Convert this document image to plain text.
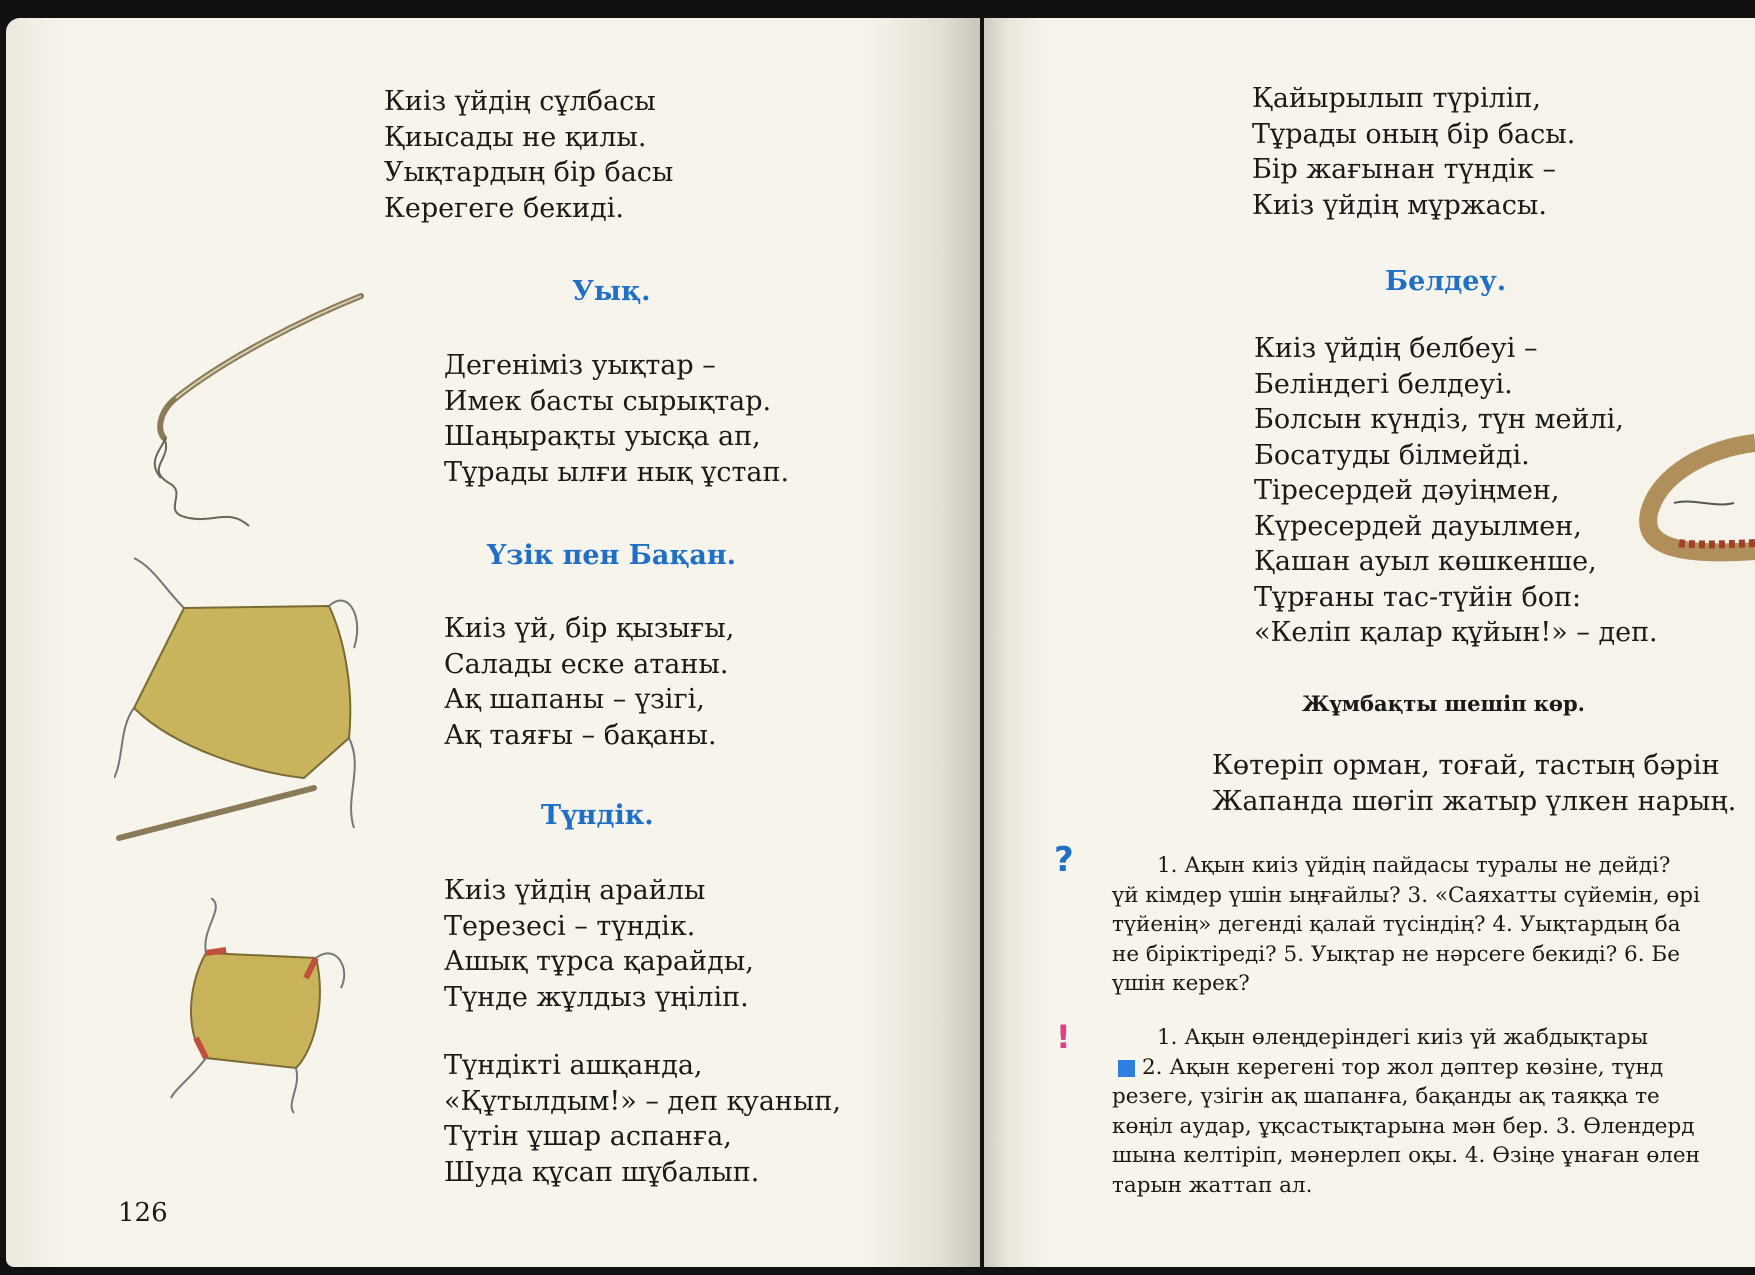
Киіз үйдің сұлбасы
Қиысады не қилы.
Уықтардың бір басы
Керегеге бекиді.
Уық.
Дегеніміз уықтар –
Имек басты сырықтар.
Шаңырақты уысқа ап,
Тұрады ылғи нық ұстап.
Үзік пен Бақан.
Киіз үй, бір қызығы,
Салады еске атаны.
Ақ шапаны – үзігі,
Ақ таяғы – бақаны.
Түндік.
Киіз үйдің арайлы
Терезесі – түндік.
Ашық тұрса қарайды,
Түнде жұлдыз үңіліп.
Түндікті ашқанда,
«Құтылдым!» – деп қуанып,
Түтін ұшар аспанға,
Шуда құсап шұбалып.
126
Қайырылып түріліп,
Тұрады оның бір басы.
Бір жағынан түндік –
Киіз үйдің мұржасы.
Белдеу.
Киіз үйдің белбеуі –
Беліндегі белдеуі.
Болсын күндіз, түн мейлі,
Босатуды білмейді.
Тіресердей дәуіңмен,
Күресердей дауылмен,
Қашан ауыл көшкенше,
Тұрғаны тас-түйін боп:
«Келіп қалар құйын!» – деп.
Жұмбақты шешіп көр.
Көтеріп орман, тоғай, тастың бәрін
Жапанда шөгіп жатыр үлкен нарың.
?	1. Ақын киіз үйдің пайдасы туралы не дейді?
үй кімдер үшін ыңғайлы? 3. «Саяхатты сүйемін, өрі
түйенің» дегенді қалай түсіндің? 4. Уықтардың ба
не біріктіреді? 5. Уықтар не нәрсеге бекиді? 6. Бе
үшін керек?
!	1. Ақын өлеңдеріндегі киіз үй жабдықтары
2. Ақын керегені тор жол дәптер көзіне, түнд
резеге, үзігін ақ шапанға, бақанды ақ таяққа те
көңіл аудар, ұқсастықтарына мән бер. 3. Өлендерд
шына келтіріп, мәнерлеп оқы. 4. Өзіңе ұнаған өлен
тарын жаттап ал.
